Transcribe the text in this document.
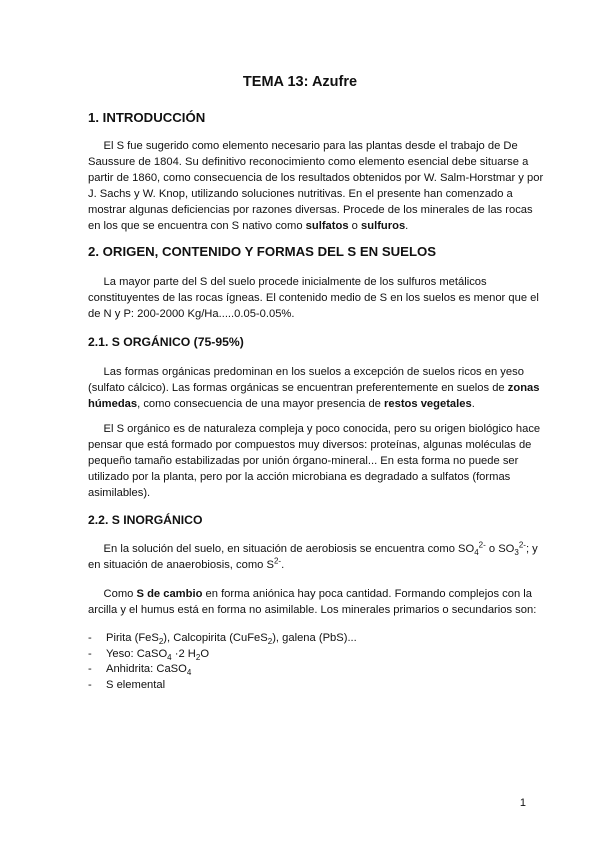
TEMA 13: Azufre
1. INTRODUCCIÓN
El S fue sugerido como elemento necesario para las plantas desde el trabajo de De
Saussure de 1804. Su definitivo reconocimiento como elemento esencial debe situarse a
partir de 1860, como consecuencia de los resultados obtenidos por W. Salm-Horstmar y por
J. Sachs y W. Knop, utilizando soluciones nutritivas. En el presente han comenzado a
mostrar algunas deficiencias por razones diversas. Procede de los minerales de las rocas
en los que se encuentra con S nativo como sulfatos o sulfuros.
2. ORIGEN, CONTENIDO Y FORMAS DEL S EN SUELOS
La mayor parte del S del suelo procede inicialmente de los sulfuros metálicos
constituyentes de las rocas ígneas. El contenido medio de S en los suelos es menor que el
de N y P: 200-2000 Kg/Ha.....0.05-0.05%.
2.1. S ORGÁNICO (75-95%)
Las formas orgánicas predominan en los suelos a excepción de suelos ricos en yeso
(sulfato cálcico). Las formas orgánicas se encuentran preferentemente en suelos de zonas
húmedas, como consecuencia de una mayor presencia de restos vegetales.
El S orgánico es de naturaleza compleja y poco conocida, pero su origen biológico hace
pensar que está formado por compuestos muy diversos: proteínas, algunas moléculas de
pequeño tamaño estabilizadas por unión órgano-mineral... En esta forma no puede ser
utilizado por la planta, pero por la acción microbiana es degradado a sulfatos (formas
asimilables).
2.2. S INORGÁNICO
En la solución del suelo, en situación de aerobiosis se encuentra como $SO_4^{2-}$ o $SO_3^{2-}$; y
en situación de anaerobiosis, como $S^{2-}$.
Como S de cambio en forma aniónica hay poca cantidad. Formando complejos con la
arcilla y el humus está en forma no asimilable. Los minerales primarios o secundarios son:
- Pirita (FeS$_2$), Calcopirita (CuFeS$_2$), galena (PbS)...
- Yeso: CaSO$_4$ ·2 $H_2O$
- Anhidrita: CaSO$_4$
- S elemental
1
